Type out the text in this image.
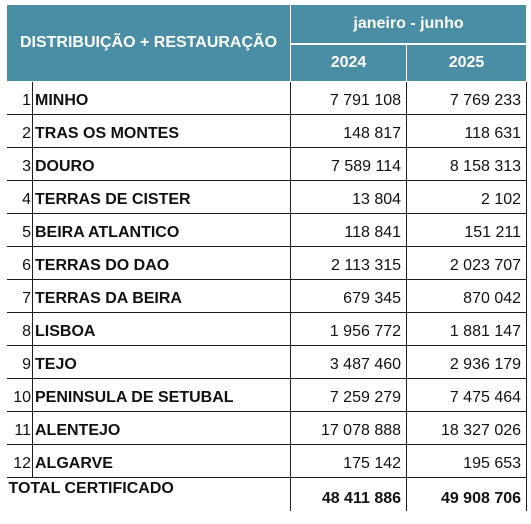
DISTRIBUIÇÃO + RESTAURAÇÃO		janeiro - junho	
		2024	2025
1	MINHO	7 791 108	7 769 233
2	TRAS OS MONTES	148 817	118 631
3	DOURO	7 589 114	8 158 313
4	TERRAS DE CISTER	13 804	2 102
5	BEIRA ATLANTICO	118 841	151 211
6	TERRAS DO DAO	2 113 315	2 023 707
7	TERRAS DA BEIRA	679 345	870 042
8	LISBOA	1 956 772	1 881 147
9	TEJO	3 487 460	2 936 179
10	PENINSULA DE SETUBAL	7 259 279	7 475 464
11	ALENTEJO	17 078 888	18 327 026
12	ALGARVE	175 142	195 653
TOTAL CERTIFICADO		48 411 886	49 908 706
